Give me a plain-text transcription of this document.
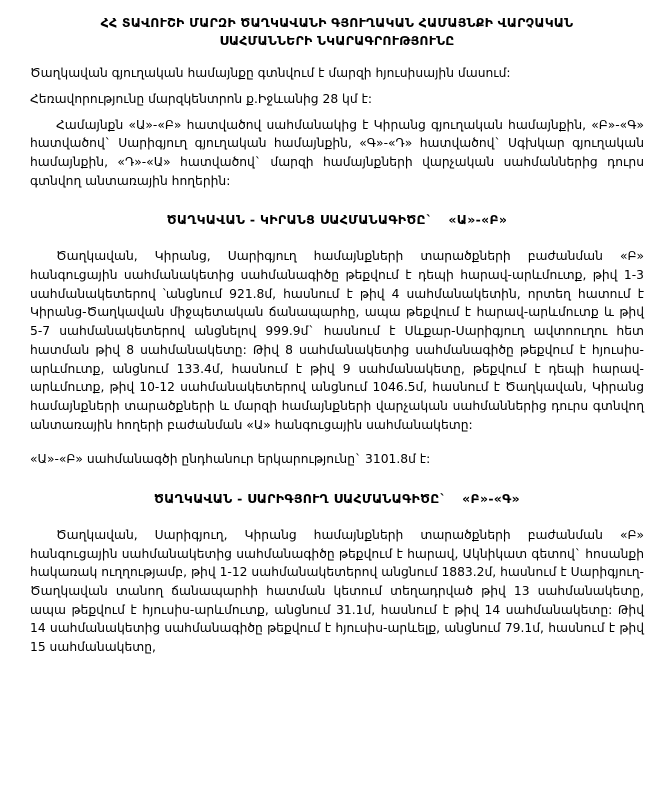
ՀՀ ՏԱՎՈՒՇԻ ՄԱՐԶԻ ԾԱՂԿԱՎԱՆԻ ԳՅՈՒՂԱԿԱՆ ՀԱՄԱՅՆՔԻ ՎԱՐՉԱԿԱՆ
ՍԱՀՄԱՆՆԵՐԻ ՆԿԱՐԱԳՐՈՒԹՅՈՒՆԸ

Ծաղկավան գյուղական համայնքը գտնվում է մարզի հյուսիսային մասում:

Հեռավորությունը մարզկենտրոն ք.Իջևանից 28 կմ է:

Համայնքն «Ա»-«Բ» հատվածով սահմանակից է Կիրանց գյուղական համայնքին, «Բ»-«Գ» հատվածով` Սարիգյուղ գյուղական համայնքին, «Գ»-«Դ» հատվածով` Սգխկար գյուղական համայնքին, «Դ»-«Ա» հատվածով` մարզի համայնքների վարչական սահմաններից դուրս գտնվող անտառային հողերին:

ԾԱՂԿԱՎԱՆ - ԿԻՐԱՆՑ ՍԱՀՄԱՆԱԳԻԾԸ` «Ա»-«Բ»

Ծաղկավան, Կիրանց, Սարիգյուղ համայնքների տարածքների բաժանման «Բ» հանգուցային սահմանակետից սահմանագիծը թեքվում է դեպի հարավ-արևմուտք, թիվ 1-3 սահմանակետերով ՝անցնում 921.8մ, հասնում է թիվ 4 սահմանակետին, որտեղ հատում է Կիրանց-Ծաղկավան միջպետական ճանապարհը, ապա թեքվում է հարավ-արևմուտք և թիվ 5-7 սահմանակետերով անցնելով 999.9մ` հասնում է Սևքար-Սարիգյուղ ավտոուղու հետ հատման թիվ 8 սահմանակետը: Թիվ 8 սահմանակետից սահմանագիծը թեքվում է հյուսիս-արևմուտք, անցնում 133.4մ, հասնում է թիվ 9 սահմանակետը, թեքվում է դեպի հարավ-արևմուտք, թիվ 10-12 սահմանակետերով անցնում 1046.5մ, հասնում է Ծաղկավան, Կիրանց համայնքների տարածքների և մարզի համայնքների վարչական սահմաններից դուրս գտնվող անտառային հողերի բաժանման «Ա» հանգուցային սահմանակետը:

«Ա»-«Բ» սահմանագծի ընդհանուր երկարությունը` 3101.8մ է:

ԾԱՂԿԱՎԱՆ - ՍԱՐԻԳՅՈՒՂ ՍԱՀՄԱՆԱԳԻԾԸ` «Բ»-«Գ»

Ծաղկավան, Սարիգյուղ, Կիրանց համայնքների տարածքների բաժանման «Բ» հանգուցային սահմանակետից սահմանագիծը թեքվում է հարավ, Ակնիկատ գետով` հոսանքի հակառակ ուղղությամբ, թիվ 1-12 սահմանակետերով անցնում 1883.2մ, հասնում է Սարիգյուղ-Ծաղկավան տանող ճանապարհի հատման կետում տեղադրված թիվ 13 սահմանակետը, ապա թեքվում է հյուսիս-արևմուտք, անցնում 31.1մ, հասնում է թիվ 14 սահմանակետը: Թիվ 14 սահմանակետից սահմանագիծը թեքվում է հյուսիս-արևելք, անցնում 79.1մ, հասնում է թիվ 15 սահմանակետը,
